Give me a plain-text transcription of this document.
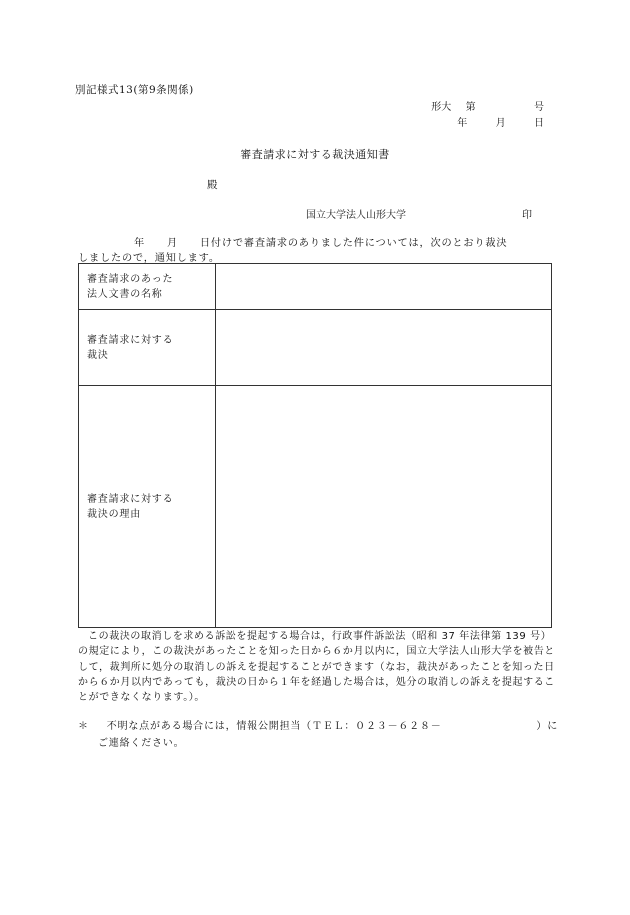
別記様式13(第9条関係)
形大 第	号
年	月	日
審査請求に対する裁決通知書
殿
国立大学法人山形大学	印
年　　月　　日付けで審査請求のありました件については，次のとおり裁決
しましたので，通知します。
審査請求のあった
法人文書の名称	

審査請求に対する
裁決	

審査請求に対する
裁決の理由	

この裁決の取消しを求める訴訟を提起する場合は，行政事件訴訟法（昭和 37 年法律第 139 号）の規定により，この裁決があったことを知った日から６か月以内に，国立大学法人山形大学を被告として，裁判所に処分の取消しの訴えを提起することができます（なお，裁決があったことを知った日から６か月以内であっても，裁決の日から１年を経過した場合は，処分の取消しの訴えを提起することができなくなります。）。
＊ 不明な点がある場合には，情報公開担当（ＴＥＬ：０２３－６２８－	）に
ご連絡ください。
